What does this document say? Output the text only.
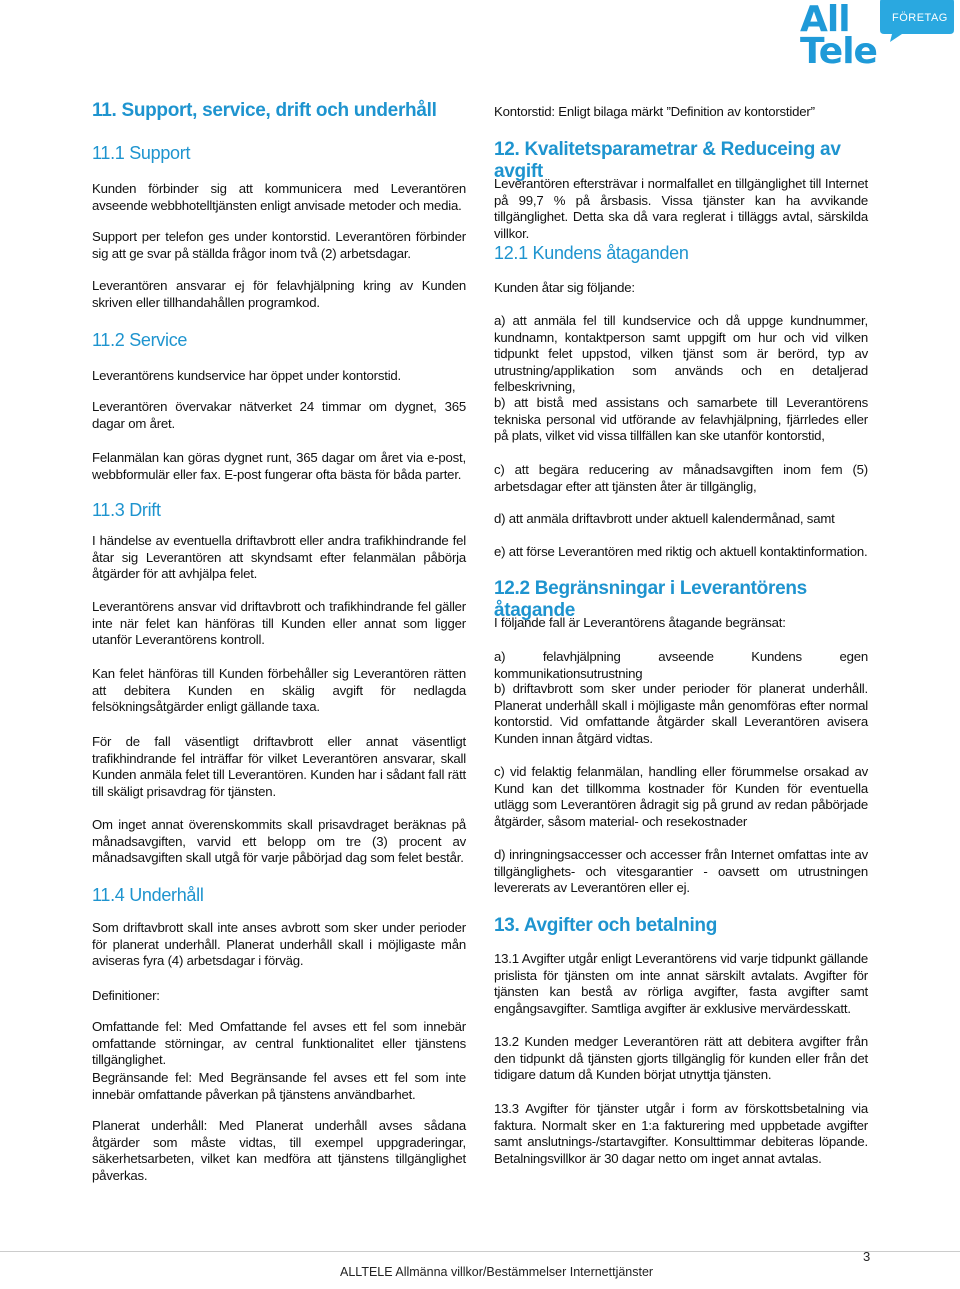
FÖRETAG
All
Tele
11. Support, service, drift och underhåll
11.1 Support

Kunden förbinder sig att kommunicera med Leverantören avseende webbhotelltjänsten enligt anvisade metoder och media.

Support per telefon ges under kontorstid. Leverantören förbinder sig att ge svar på ställda frågor inom två (2) arbetsdagar.

Leverantören ansvarar ej för felavhjälpning kring av Kunden skriven eller tillhandahållen programkod.

11.2 Service

Leverantörens kundservice har öppet under kontorstid.

Leverantören övervakar nätverket 24 timmar om dygnet, 365 dagar om året.

Felanmälan kan göras dygnet runt, 365 dagar om året via e-post, webbformulär eller fax. E-post fungerar ofta bästa för båda parter.

11.3 Drift

I händelse av eventuella driftavbrott eller andra trafikhindrande fel åtar sig Leverantören att skyndsamt efter felanmälan påbörja åtgärder för att avhjälpa felet.

Leverantörens ansvar vid driftavbrott och trafikhindrande fel gäller inte när felet kan hänföras till Kunden eller annat som ligger utanför Leverantörens kontroll.

Kan felet hänföras till Kunden förbehåller sig Leverantören rätten att debitera Kunden en skälig avgift för nedlagda felsökningsåtgärder enligt gällande taxa.

För de fall väsentligt driftavbrott eller annat väsentligt trafikhindrande fel inträffar för vilket Leverantören ansvarar, skall Kunden anmäla felet till Leverantören. Kunden har i sådant fall rätt till skäligt prisavdrag för tjänsten.

Om inget annat överenskommits skall prisavdraget beräknas på månadsavgiften, varvid ett belopp om tre (3) procent av månadsavgiften skall utgå för varje påbörjad dag som felet består.

11.4 Underhåll

Som driftavbrott skall inte anses avbrott som sker under perioder för planerat underhåll. Planerat underhåll skall i möjligaste mån aviseras fyra (4) arbetsdagar i förväg.

Definitioner:

Omfattande fel: Med Omfattande fel avses ett fel som innebär omfattande störningar, av central funktionalitet eller tjänstens tillgänglighet.

Begränsande fel: Med Begränsande fel avses ett fel som inte innebär omfattande påverkan på tjänstens användbarhet.

Planerat underhåll: Med Planerat underhåll avses sådana åtgärder som måste vidtas, till exempel uppgraderingar, säkerhetsarbeten, vilket kan medföra att tjänstens tillgänglighet påverkas.

Kontorstid: Enligt bilaga märkt ”Definition av kontorstider”

12. Kvalitetsparametrar & Reduceing av avgift

Leverantören eftersträvar i normalfallet en tillgänglighet till Internet på 99,7 % på årsbasis. Vissa tjänster kan ha avvikande tillgänglighet. Detta ska då vara reglerat i tilläggs avtal, särskilda villkor.

12.1 Kundens åtaganden

Kunden åtar sig följande:

a) att anmäla fel till kundservice och då uppge kundnummer, kundnamn, kontaktperson samt uppgift om hur och vid vilken tidpunkt felet uppstod, vilken tjänst som är berörd, typ av utrustning/applikation som används och en detaljerad felbeskrivning,

b) att bistå med assistans och samarbete till Leverantörens tekniska personal vid utförande av felavhjälpning, fjärrledes eller på plats, vilket vid vissa tillfällen kan ske utanför kontorstid,

c) att begära reducering av månadsavgiften inom fem (5) arbetsdagar efter att tjänsten åter är tillgänglig,

d) att anmäla driftavbrott under aktuell kalendermånad, samt

e) att förse Leverantören med riktig och aktuell kontaktinformation.

12.2 Begränsningar i Leverantörens åtagande

I följande fall är Leverantörens åtagande begränsat:

a) felavhjälpning avseende Kundens egen kommunikationsutrustning

b) driftavbrott som sker under perioder för planerat underhåll. Planerat underhåll skall i möjligaste mån genomföras efter normal kontorstid. Vid omfattande åtgärder skall Leverantören avisera Kunden innan åtgärd vidtas.

c) vid felaktig felanmälan, handling eller förummelse orsakad av Kund kan det tillkomma kostnader för Kunden för eventuella utlägg som Leverantören ådragit sig på grund av redan påbörjade åtgärder, såsom material- och resekostnader

d) inringningsaccesser och accesser från Internet omfattas inte av tillgänglighets- och vitesgarantier - oavsett om utrustningen levererats av Leverantören eller ej.

13. Avgifter och betalning

13.1 Avgifter utgår enligt Leverantörens vid varje tidpunkt gällande prislista för tjänsten om inte annat särskilt avtalats. Avgifter för tjänsten kan bestå av rörliga avgifter, fasta avgifter samt engångsavgifter. Samtliga avgifter är exklusive mervärdesskatt.

13.2 Kunden medger Leverantören rätt att debitera avgifter från den tidpunkt då tjänsten gjorts tillgänglig för kunden eller från det tidigare datum då Kunden börjat utnyttja tjänsten.

13.3 Avgifter för tjänster utgår i form av förskottsbetalning via faktura. Normalt sker en 1:a fakturering med uppbetade avgifter samt anslutnings-/startavgifter. Konsulttimmar debiteras löpande. Betalningsvillkor är 30 dagar netto om inget annat avtalas.

ALLTELE Allmänna villkor/Bestämmelser Internettjänster
3
